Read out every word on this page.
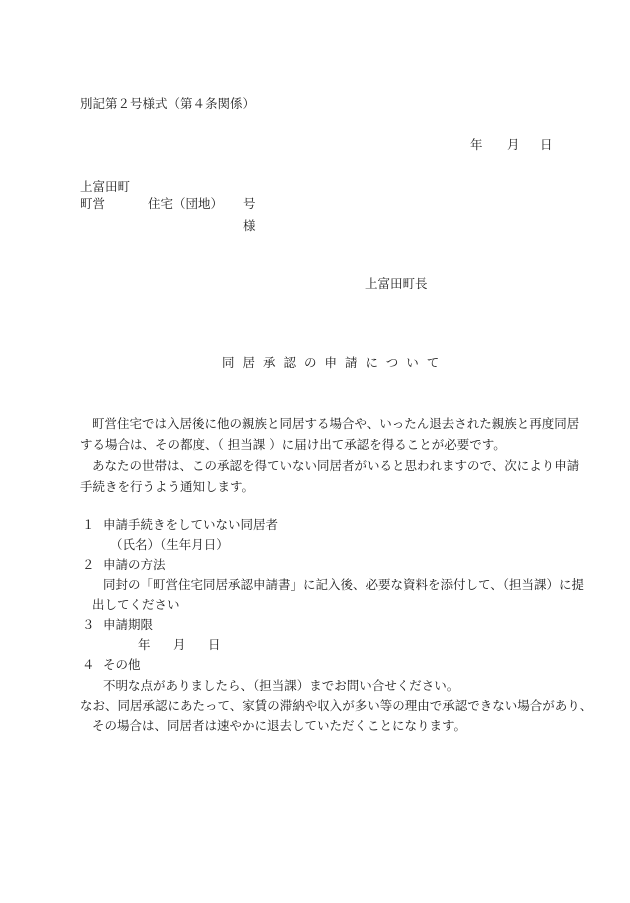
別記第２号様式（第４条関係）

年 月 日

上富田町

町営	住宅（団地） 号

様

上富田町長

同居承認の申請について

町営住宅では入居後に他の親族と同居する場合や、いったん退去された親族と再度同居

する場合は、その都度、（ 担当課 ）に届け出て承認を得ることが必要です。

あなたの世帯は、この承認を得ていない同居者がいると思われますので、次により申請

手続きを行うよう通知します。

１ 申請手続きをしていない同居者

（氏名）（生年月日）

２ 申請の方法

同封の「町営住宅同居承認申請書」に記入後、必要な資料を添付して、（担当課）に提

出してください

３ 申請期限

年 月 日

４ その他

不明な点がありましたら、（担当課）までお問い合せください。

なお、同居承認にあたって、家賃の滞納や収入が多い等の理由で承認できない場合があり、

その場合は、同居者は速やかに退去していただくことになります。
